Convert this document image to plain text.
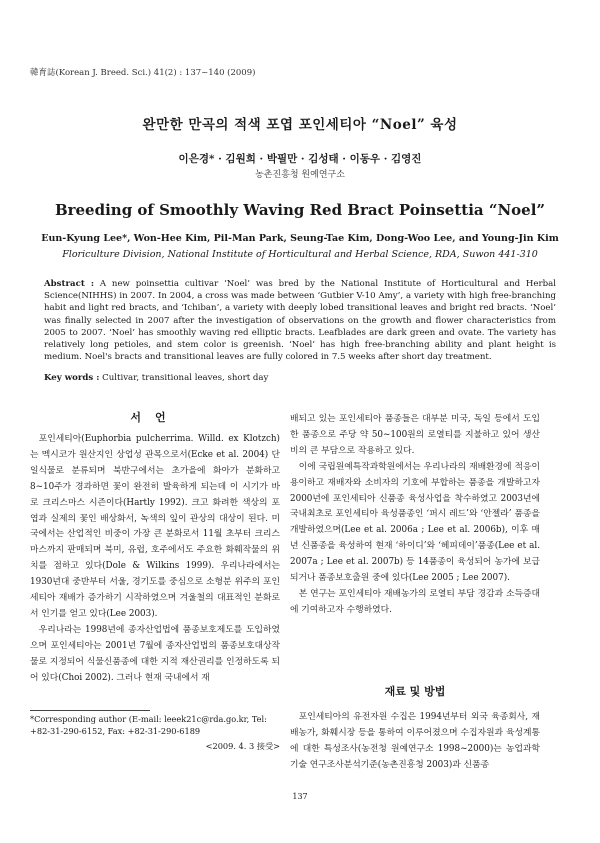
韓育誌(Korean J. Breed. Sci.) 41(2) : 137~140 (2009)
완만한 만곡의 적색 포엽 포인세티아 “Noel” 육성
이은경* · 김원희 · 박필만 · 김성태 · 이동우 · 김영진
농촌진흥청 원예연구소
Breeding of Smoothly Waving Red Bract Poinsettia “Noel”
Eun-Kyung Lee*, Won-Hee Kim, Pil-Man Park, Seung-Tae Kim, Dong-Woo Lee, and Young-Jin Kim
Floriculture Division, National Institute of Horticultural and Herbal Science, RDA, Suwon 441-310
Abstract : A new poinsettia cultivar ‘Noel’ was bred by the National Institute of Horticultural and Herbal Science(NIHHS) in 2007. In 2004, a cross was made between ‘Gutbier V-10 Amy’, a variety with high free-branching habit and light red bracts, and ‘Ichiban’, a variety with deeply lobed transitional leaves and bright red bracts. ‘Noel’ was finally selected in 2007 after the investigation of observations on the growth and flower characteristics from 2005 to 2007. ‘Noel’ has smoothly waving red elliptic bracts. Leafblades are dark green and ovate. The variety has relatively long petioles, and stem color is greenish. ‘Noel’ has high free-branching ability and plant height is medium. Noel's bracts and transitional leaves are fully colored in 7.5 weeks after short day treatment.
Key words : Cultivar, transitional leaves, short day
서언

포인세티아(Euphorbia pulcherrima. Willd. ex Klotzch)는 멕시코가 원산지인 상업성 관목으로서(Ecke et al. 2004) 단일식물로 분류되며 북반구에서는 초가을에 화아가 분화하고 8~10주가 경과하면 꽃이 완전히 발육하게 되는데 이 시기가 바로 크리스마스 시즌이다(Hartly 1992). 크고 화려한 색상의 포엽과 실제의 꽃인 배상화서, 녹색의 잎이 관상의 대상이 된다. 미국에서는 산업적인 비중이 가장 큰 분화로서 11월 초부터 크리스마스까지 판매되며 북미, 유럽, 호주에서도 주요한 화훼작물의 위치를 점하고 있다(Dole & Wilkins 1999). 우리나라에서는 1930년대 중반부터 서울, 경기도를 중심으로 소형분 위주의 포인세티아 재배가 증가하기 시작하였으며 겨울철의 대표적인 분화로서 인기를 얻고 있다(Lee 2003).

우리나라는 1998년에 종자산업법에 품종보호제도를 도입하였으며 포인세티아는 2001년 7월에 종자산업법의 품종보호대상작물로 지정되어 식물신품종에 대한 지적 재산권리를 인정하도록 되어 있다(Choi 2002). 그러나 현재 국내에서 재

배되고 있는 포인세티아 품종들은 대부분 미국, 독일 등에서 도입한 품종으로 주당 약 50~100원의 로열티를 지불하고 있어 생산비의 큰 부담으로 작용하고 있다.

이에 국립원예특작과학원에서는 우리나라의 재배환경에 적응이 용이하고 재배자와 소비자의 기호에 부합하는 품종을 개발하고자 2000년에 포인세티아 신품종 육성사업을 착수하였고 2003년에 국내최초로 포인세티아 육성품종인 ‘퍼시 레드’와 ‘안젤라’ 품종을 개발하였으며(Lee et al. 2006a ; Lee et al. 2006b), 이후 매년 신품종을 육성하여 현재 ‘하이디’와 ‘헤피데이’품종(Lee et al. 2007a ; Lee et al. 2007b) 등 14품종이 육성되어 농가에 보급되거나 품종보호출원 중에 있다(Lee 2005 ; Lee 2007).

본 연구는 포인세티아 재배농가의 로열티 부담 경감과 소득증대에 기여하고자 수행하였다.

재료 및 방법

포인세티아의 유전자원 수집은 1994년부터 외국 육종회사, 재배농가, 화훼시장 등을 통하여 이루어졌으며 수집자원과 육성계통에 대한 특성조사(농전청 원예연구소 1998~2000)는 농업과학기술 연구조사분석기준(농촌진흥청 2003)과 신품종

*Corresponding author (E-mail: leeek21c@rda.go.kr, Tel: +82-31-290-6152, Fax: +82-31-290-6189
<2009. 4. 3 接受>
137
